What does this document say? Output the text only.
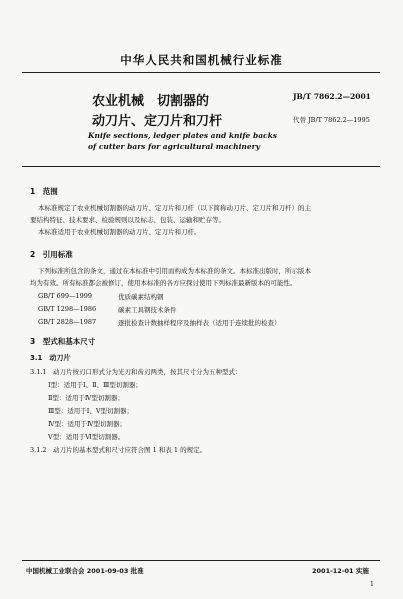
中华人民共和国机械行业标准
农业机械　切割器的
动刀片、定刀片和刀杆
JB/T 7862.2—2001
代替 JB/T 7862.2—1995
Knife sections, ledger plates and knife backs
of cutter bars for agricultural machinery
1　范围
本标准规定了农业机械切割器的动刀片、定刀片和刀杆（以下简称动刀片、定刀片和刀杆）的主
要结构特征、技术要求、检验规则以及标志、包装、运输和贮存等。
本标准适用于农业机械切割器的动刀片、定刀片和刀杆。
2　引用标准
下列标准所包含的条文，通过在本标准中引用而构成为本标准的条文。本标准出版时，所示版本
均为有效。所有标准都会被修订，使用本标准的各方应探讨使用下列标准最新版本的可能性。
GB/T 699—1999	优质碳素结构钢
GB/T 1298—1986	碳素工具钢技术条件
GB/T 2828—1987	逐批检查计数抽样程序及抽样表（适用于连续批的检查）
3　型式和基本尺寸
3.1　动刀片
3.1.1　动刀片按刃口形式分为光刃和齿刃两类，按其尺寸分为五种型式：
Ⅰ型：适用于Ⅰ、Ⅱ、Ⅲ型切割器；
Ⅱ型：适用于Ⅳ型切割器；
Ⅲ型：适用于Ⅰ、Ⅴ型切割器；
Ⅳ型：适用于Ⅳ型切割器；
Ⅴ型：适用于Ⅵ型切割器。
3.1.2　动刀片的基本型式和尺寸应符合图 1 和表 1 的规定。
中国机械工业联合会 2001-09-03 批准	2001-12-01 实施
1
